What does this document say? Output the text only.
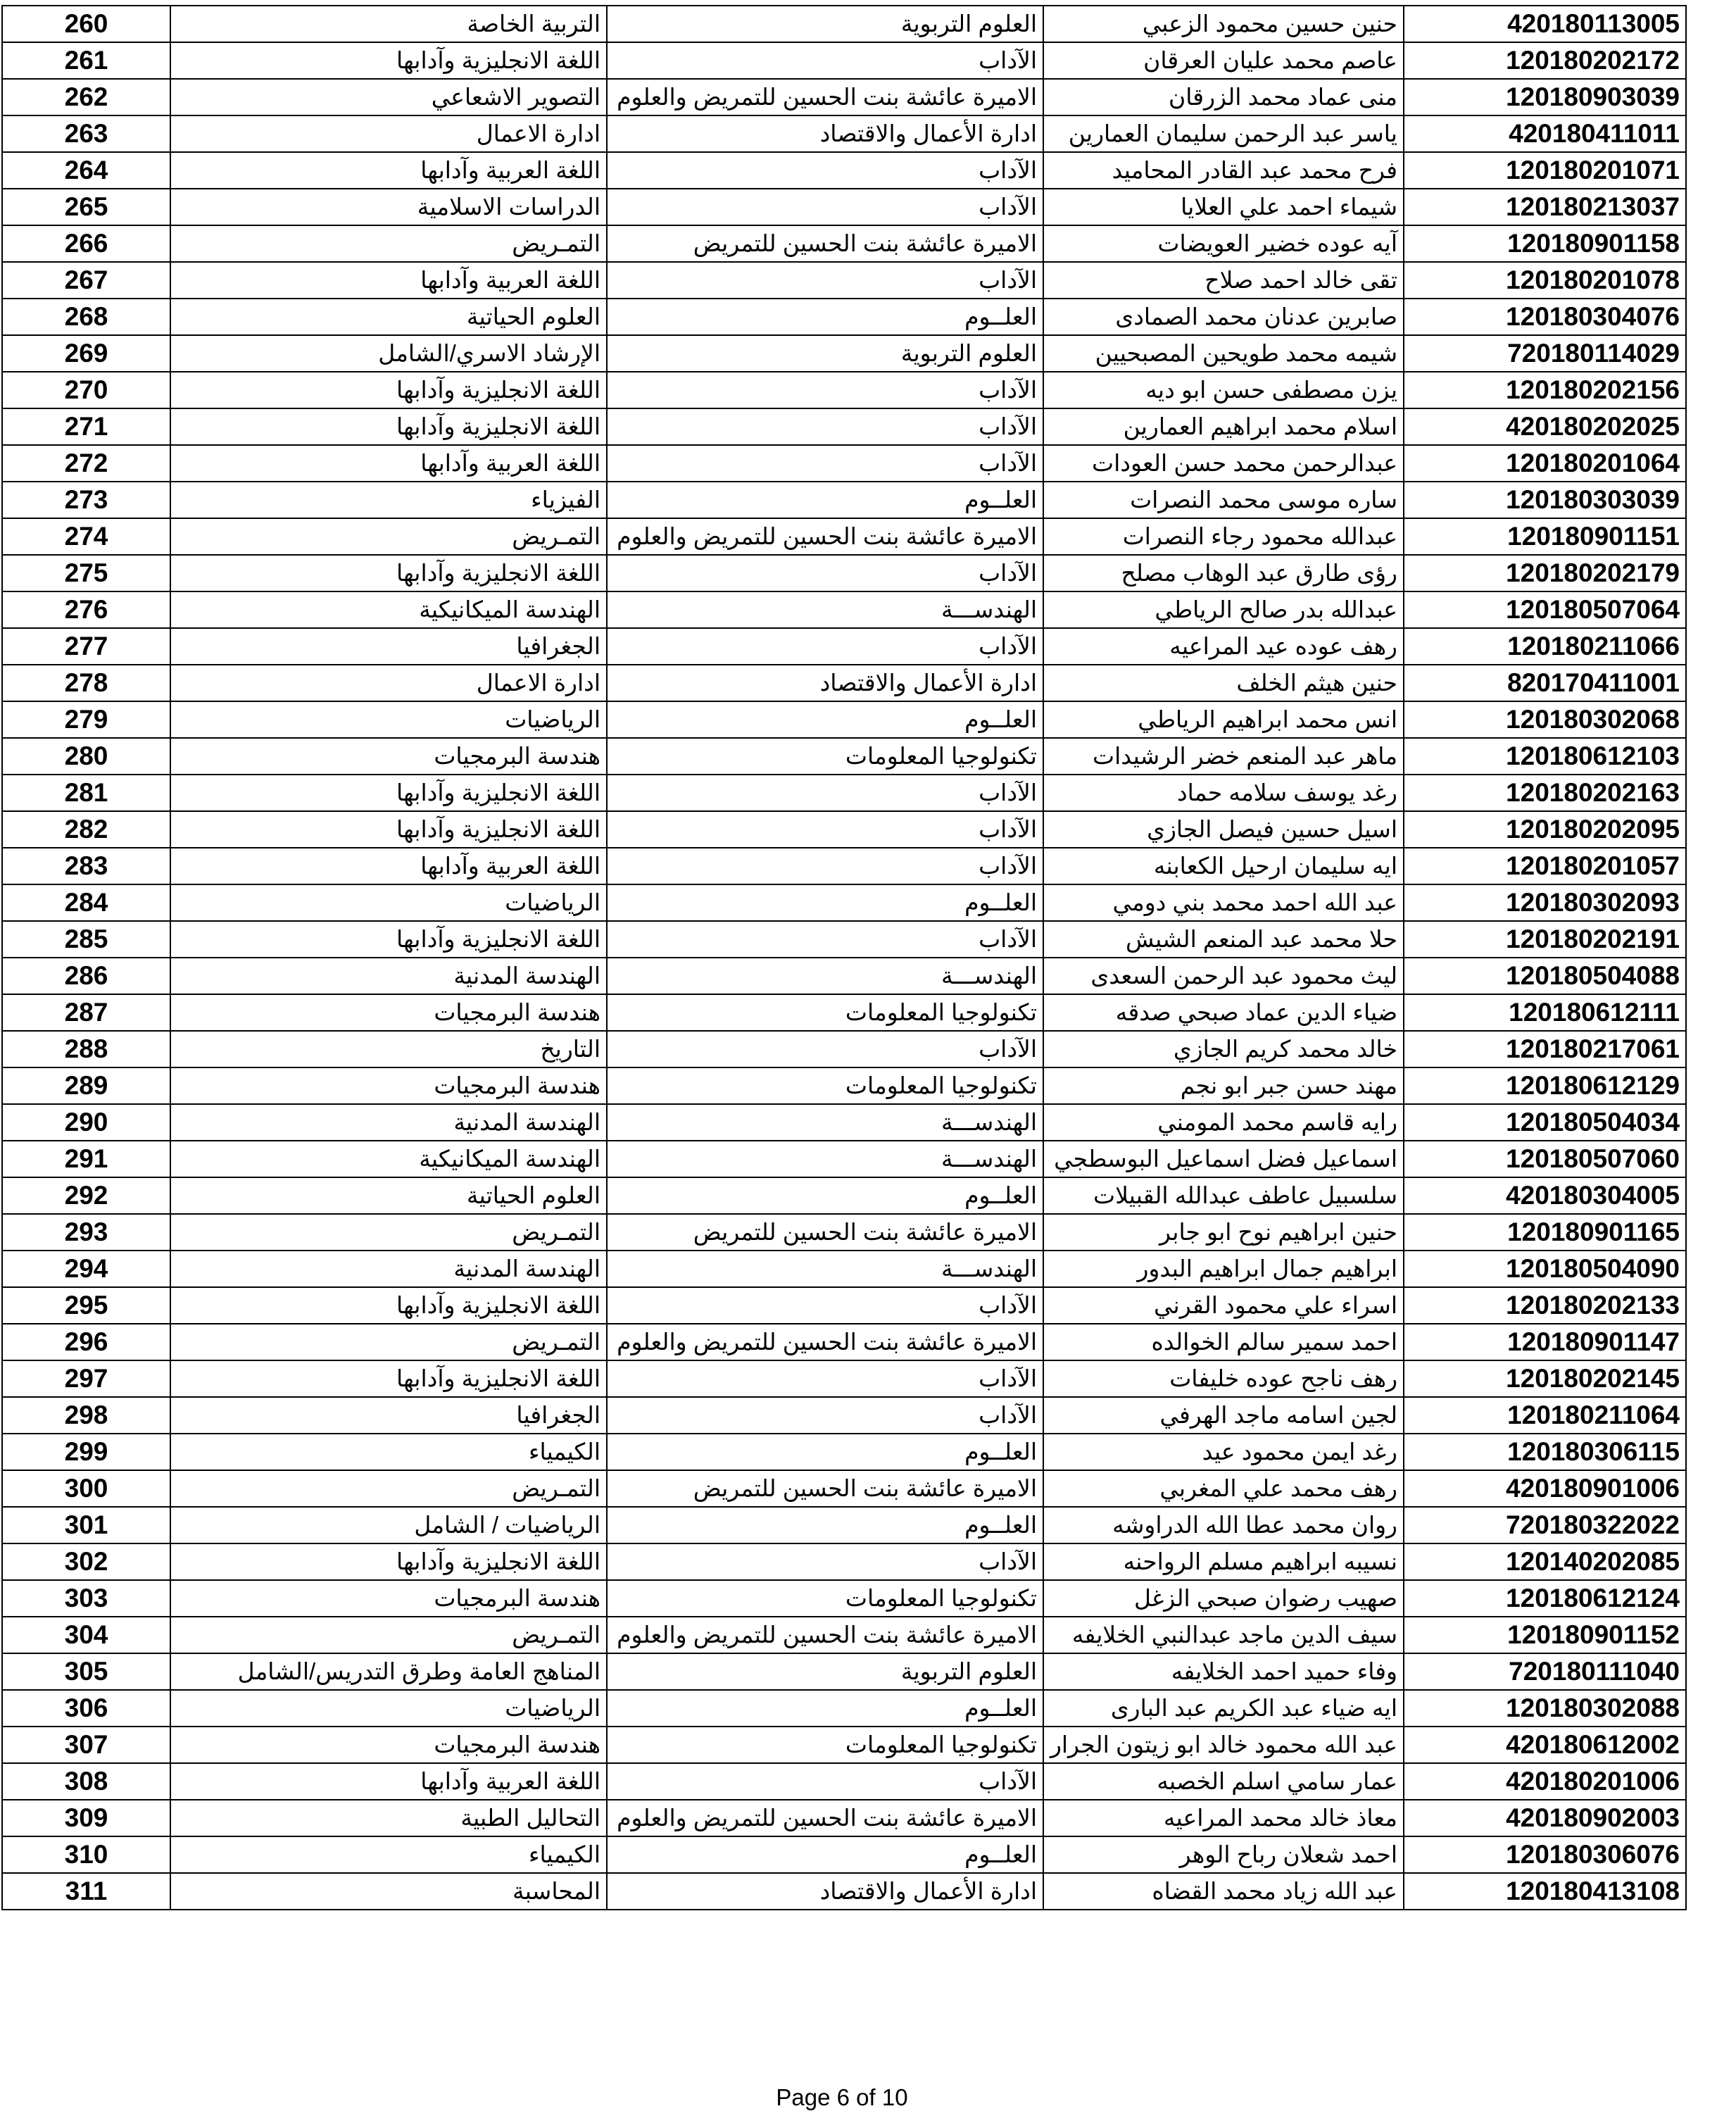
260	التربية الخاصة	العلوم التربوية	حنين حسين محمود الزعبي	420180113005
261	اللغة الانجليزية وآدابها	الآداب	عاصم محمد عليان العرقان	120180202172
262	التصوير الاشعاعي	الاميرة عائشة بنت الحسين للتمريض والعلوم	منى عماد محمد الزرقان	120180903039
263	ادارة الاعمال	ادارة الأعمال والاقتصاد	ياسر عبد الرحمن سليمان العمارين	420180411011
264	اللغة العربية وآدابها	الآداب	فرح محمد عبد القادر المحاميد	120180201071
265	الدراسات الاسلامية	الآداب	شيماء احمد علي العلايا	120180213037
266	التمـريض	الاميرة عائشة بنت الحسين للتمريض	آيه عوده خضير العويضات	120180901158
267	اللغة العربية وآدابها	الآداب	تقى خالد احمد صلاح	120180201078
268	العلوم الحياتية	العلــوم	صابرين عدنان محمد الصمادى	120180304076
269	الإرشاد الاسري/الشامل	العلوم التربوية	شيمه محمد طويحين المصبحيين	720180114029
270	اللغة الانجليزية وآدابها	الآداب	يزن مصطفى حسن ابو ديه	120180202156
271	اللغة الانجليزية وآدابها	الآداب	اسلام محمد ابراهيم العمارين	420180202025
272	اللغة العربية وآدابها	الآداب	عبدالرحمن محمد حسن العودات	120180201064
273	الفيزياء	العلــوم	ساره موسى محمد النصرات	120180303039
274	التمـريض	الاميرة عائشة بنت الحسين للتمريض والعلوم	عبدالله محمود رجاء النصرات	120180901151
275	اللغة الانجليزية وآدابها	الآداب	رؤى طارق عبد الوهاب مصلح	120180202179
276	الهندسة الميكانيكية	الهندســـة	عبدالله بدر صالح الرياطي	120180507064
277	الجغرافيا	الآداب	رهف عوده عيد المراعيه	120180211066
278	ادارة الاعمال	ادارة الأعمال والاقتصاد	حنين هيثم الخلف	820170411001
279	الرياضيات	العلــوم	انس محمد ابراهيم الرياطي	120180302068
280	هندسة البرمجيات	تكنولوجيا المعلومات	ماهر عبد المنعم خضر الرشيدات	120180612103
281	اللغة الانجليزية وآدابها	الآداب	رغد يوسف سلامه حماد	120180202163
282	اللغة الانجليزية وآدابها	الآداب	اسيل حسين فيصل الجازي	120180202095
283	اللغة العربية وآدابها	الآداب	ايه سليمان ارحيل الكعابنه	120180201057
284	الرياضيات	العلــوم	عبد الله احمد محمد بني دومي	120180302093
285	اللغة الانجليزية وآدابها	الآداب	حلا محمد عبد المنعم الشيش	120180202191
286	الهندسة المدنية	الهندســـة	ليث محمود عبد الرحمن السعدى	120180504088
287	هندسة البرمجيات	تكنولوجيا المعلومات	ضياء الدين عماد صبحي صدقه	120180612111
288	التاريخ	الآداب	خالد محمد كريم الجازي	120180217061
289	هندسة البرمجيات	تكنولوجيا المعلومات	مهند حسن جبر ابو نجم	120180612129
290	الهندسة المدنية	الهندســـة	رايه قاسم محمد المومني	120180504034
291	الهندسة الميكانيكية	الهندســـة	اسماعيل فضل اسماعيل البوسطجي	120180507060
292	العلوم الحياتية	العلــوم	سلسبيل عاطف عبدالله القبيلات	420180304005
293	التمـريض	الاميرة عائشة بنت الحسين للتمريض	حنين ابراهيم نوح ابو جابر	120180901165
294	الهندسة المدنية	الهندســـة	ابراهيم جمال ابراهيم البدور	120180504090
295	اللغة الانجليزية وآدابها	الآداب	اسراء علي محمود القرني	120180202133
296	التمـريض	الاميرة عائشة بنت الحسين للتمريض والعلوم	احمد سمير سالم الخوالده	120180901147
297	اللغة الانجليزية وآدابها	الآداب	رهف ناجح عوده خليفات	120180202145
298	الجغرافيا	الآداب	لجين اسامه ماجد الهرفي	120180211064
299	الكيمياء	العلــوم	رغد ايمن محمود عيد	120180306115
300	التمـريض	الاميرة عائشة بنت الحسين للتمريض	رهف محمد علي المغربي	420180901006
301	الرياضيات / الشامل	العلــوم	روان محمد عطا الله الدراوشه	720180322022
302	اللغة الانجليزية وآدابها	الآداب	نسيبه ابراهيم مسلم الرواحنه	120140202085
303	هندسة البرمجيات	تكنولوجيا المعلومات	صهيب رضوان صبحي الزغل	120180612124
304	التمـريض	الاميرة عائشة بنت الحسين للتمريض والعلوم	سيف الدين ماجد عبدالنبي الخلايفه	120180901152
305	المناهج العامة وطرق التدريس/الشامل	العلوم التربوية	وفاء حميد احمد الخلايفه	720180111040
306	الرياضيات	العلــوم	ايه ضياء عبد الكريم عبد البارى	120180302088
307	هندسة البرمجيات	تكنولوجيا المعلومات	عبد الله محمود خالد ابو زيتون الجرار	420180612002
308	اللغة العربية وآدابها	الآداب	عمار سامي اسلم الخصبه	420180201006
309	التحاليل الطبية	الاميرة عائشة بنت الحسين للتمريض والعلوم	معاذ خالد محمد المراعيه	420180902003
310	الكيمياء	العلــوم	احمد شعلان رباح الوهر	120180306076
311	المحاسبة	ادارة الأعمال والاقتصاد	عبد الله زياد محمد القضاه	120180413108
Page 6 of 10
